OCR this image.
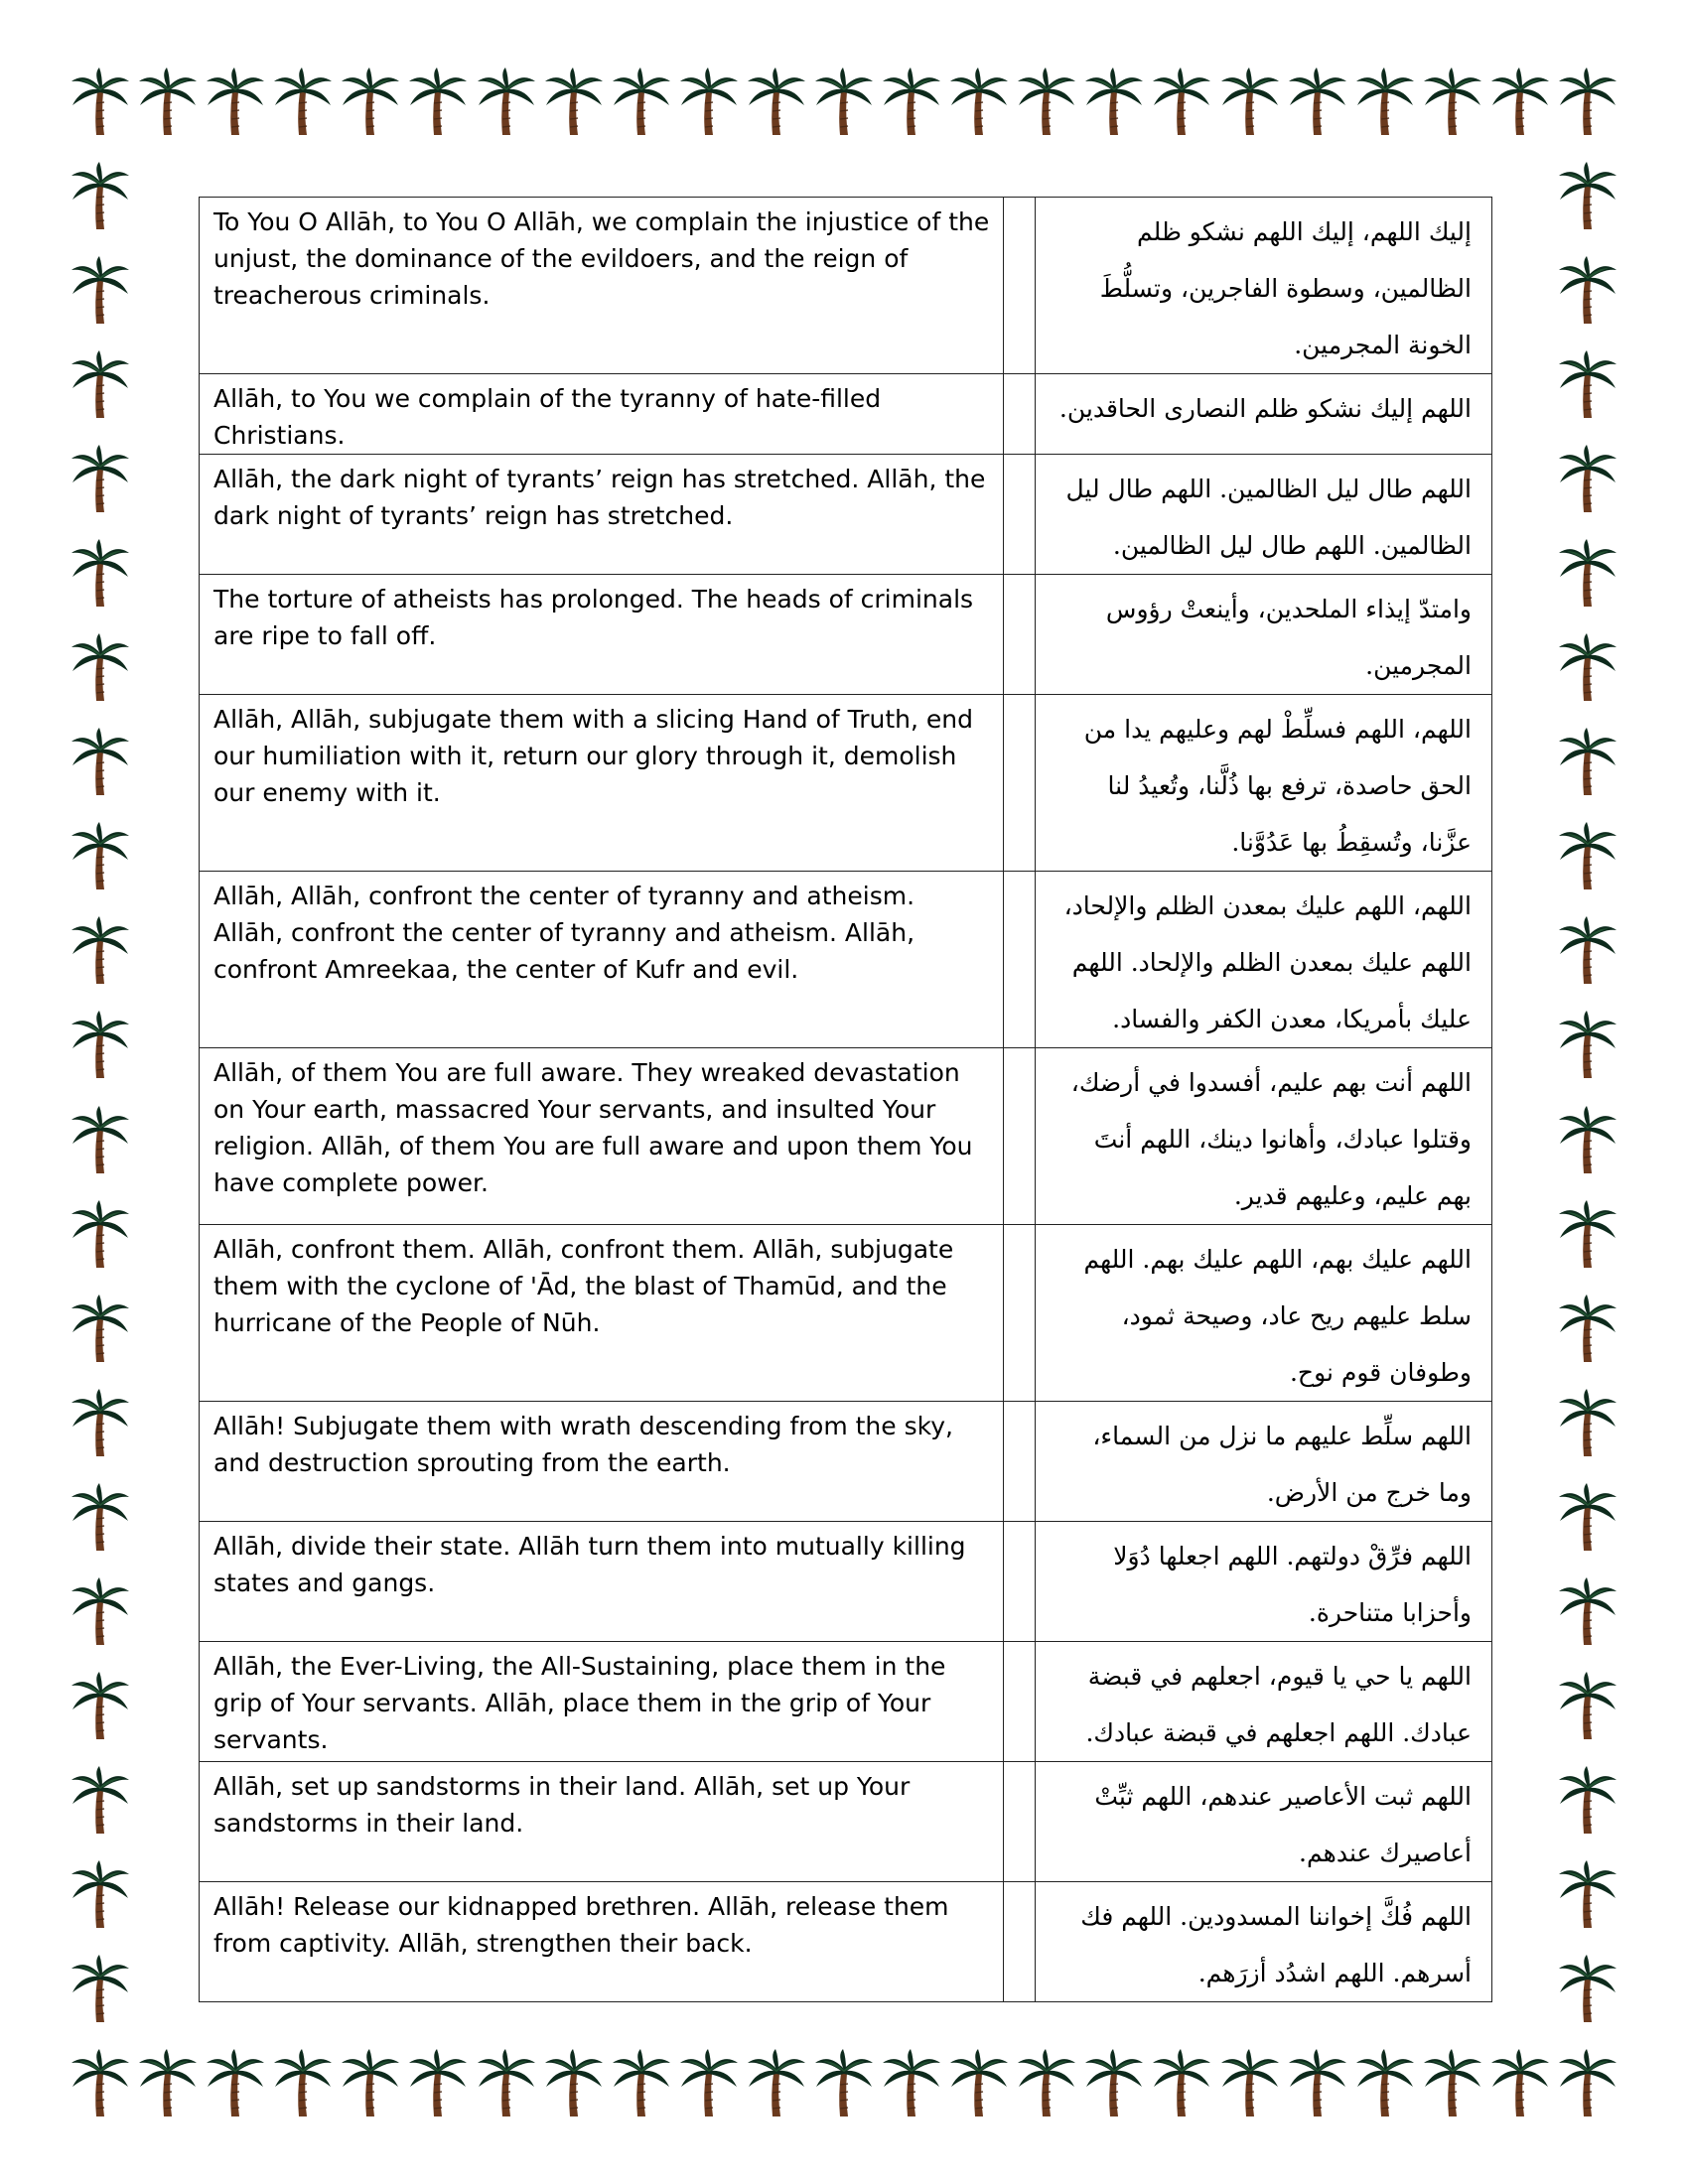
To You O Allāh, to You O Allāh, we complain the injustice of the unjust, the dominance of the evildoers, and the reign of treacherous criminals.		إليك اللهم، إليك اللهم نشكو ظلم الظالمين، وسطوة الفاجرين، وتسلُّطَ الخونة المجرمين.
Allāh, to You we complain of the tyranny of hate-filled Christians.		اللهم إليك نشكو ظلم النصارى الحاقدين.
Allāh, the dark night of tyrants’ reign has stretched. Allāh, the dark night of tyrants’ reign has stretched.		اللهم طال ليل الظالمين. اللهم طال ليل الظالمين. اللهم طال ليل الظالمين.
The torture of atheists has prolonged. The heads of criminals are ripe to fall off.		وامتدّ إيذاء الملحدين، وأينعتْ رؤوس المجرمين.
Allāh, Allāh, subjugate them with a slicing Hand of Truth, end our humiliation with it, return our glory through it, demolish our enemy with it.		اللهم، اللهم فسلِّطْ لهم وعليهم يدا من الحق حاصدة، ترفع بها ذُلَّنا، وتُعيدُ لنا عزَّنا، وتُسقِطُ بها عَدُوَّنا.
Allāh, Allāh, confront the center of tyranny and atheism. Allāh, confront the center of tyranny and atheism. Allāh, confront Amreekaa, the center of Kufr and evil.		اللهم، اللهم عليك بمعدن الظلم والإلحاد، اللهم عليك بمعدن الظلم والإلحاد. اللهم عليك بأمريكا، معدن الكفر والفساد.
Allāh, of them You are full aware. They wreaked devastation on Your earth, massacred Your servants, and insulted Your religion. Allāh, of them You are full aware and upon them You have complete power.		اللهم أنت بهم عليم، أفسدوا في أرضك، وقتلوا عبادك، وأهانوا دينك، اللهم أنتَ بهم عليم، وعليهم قدير.
Allāh, confront them. Allāh, confront them. Allāh, subjugate them with the cyclone of 'Ād, the blast of Thamūd, and the hurricane of the People of Nūh.		اللهم عليك بهم، اللهم عليك بهم. اللهم سلط عليهم ريح عاد، وصيحة ثمود، وطوفان قوم نوح.
Allāh! Subjugate them with wrath descending from the sky, and destruction sprouting from the earth.		اللهم سلِّط عليهم ما نزل من السماء، وما خرج من الأرض.
Allāh, divide their state. Allāh turn them into mutually killing states and gangs.		اللهم فرِّقْ دولتهم. اللهم اجعلها دُوَلا وأحزابا متناحرة.
Allāh, the Ever-Living, the All-Sustaining, place them in the grip of Your servants. Allāh, place them in the grip of Your servants.		اللهم يا حي يا قيوم، اجعلهم في قبضة عبادك. اللهم اجعلهم في قبضة عبادك.
Allāh, set up sandstorms in their land. Allāh, set up Your sandstorms in their land.		اللهم ثبت الأعاصير عندهم، اللهم ثبِّتْ أعاصيرك عندهم.
Allāh! Release our kidnapped brethren. Allāh, release them from captivity. Allāh, strengthen their back.		اللهم فُكَّ إخواننا المسدودين. اللهم فك أسرهم. اللهم اشدُد أزرَهم.
